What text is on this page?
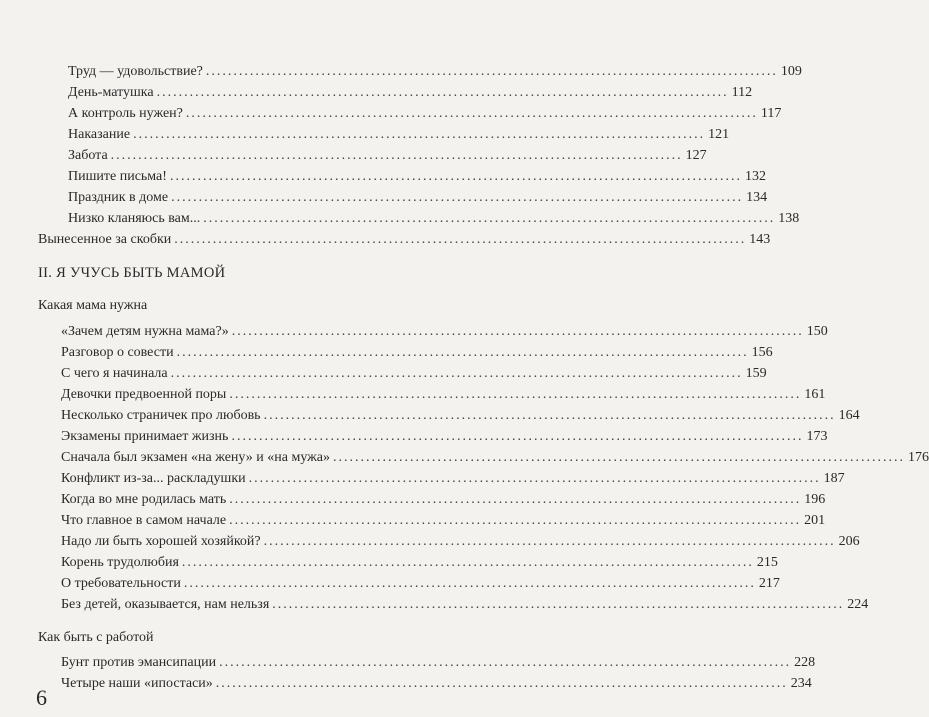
Труд — удовольствие? ........................................................................................................ 109
День-матушка ........................................................................................................ 112
А контроль нужен? ........................................................................................................ 117
Наказание ........................................................................................................ 121
Забота ........................................................................................................ 127
Пишите письма! ........................................................................................................ 132
Праздник в доме ........................................................................................................ 134
Низко кланяюсь вам... ........................................................................................................ 138
Вынесенное за скобки ........................................................................................................ 143
II. Я УЧУСЬ БЫТЬ МАМОЙ
Какая мама нужна
«Зачем детям нужна мама?» ........................................................................................................ 150
Разговор о совести ........................................................................................................ 156
С чего я начинала ........................................................................................................ 159
Девочки предвоенной поры ........................................................................................................ 161
Несколько страничек про любовь ........................................................................................................ 164
Экзамены принимает жизнь ........................................................................................................ 173
Сначала был экзамен «на жену» и «на мужа» ........................................................................................................ 176
Конфликт из-за... раскладушки ........................................................................................................ 187
Когда во мне родилась мать ........................................................................................................ 196
Что главное в самом начале ........................................................................................................ 201
Надо ли быть хорошей хозяйкой? ........................................................................................................ 206
Корень трудолюбия ........................................................................................................ 215
О требовательности ........................................................................................................ 217
Без детей, оказывается, нам нельзя ........................................................................................................ 224
Как быть с работой
Бунт против эмансипации ........................................................................................................ 228
Четыре наши «ипостаси» ........................................................................................................ 234
6
